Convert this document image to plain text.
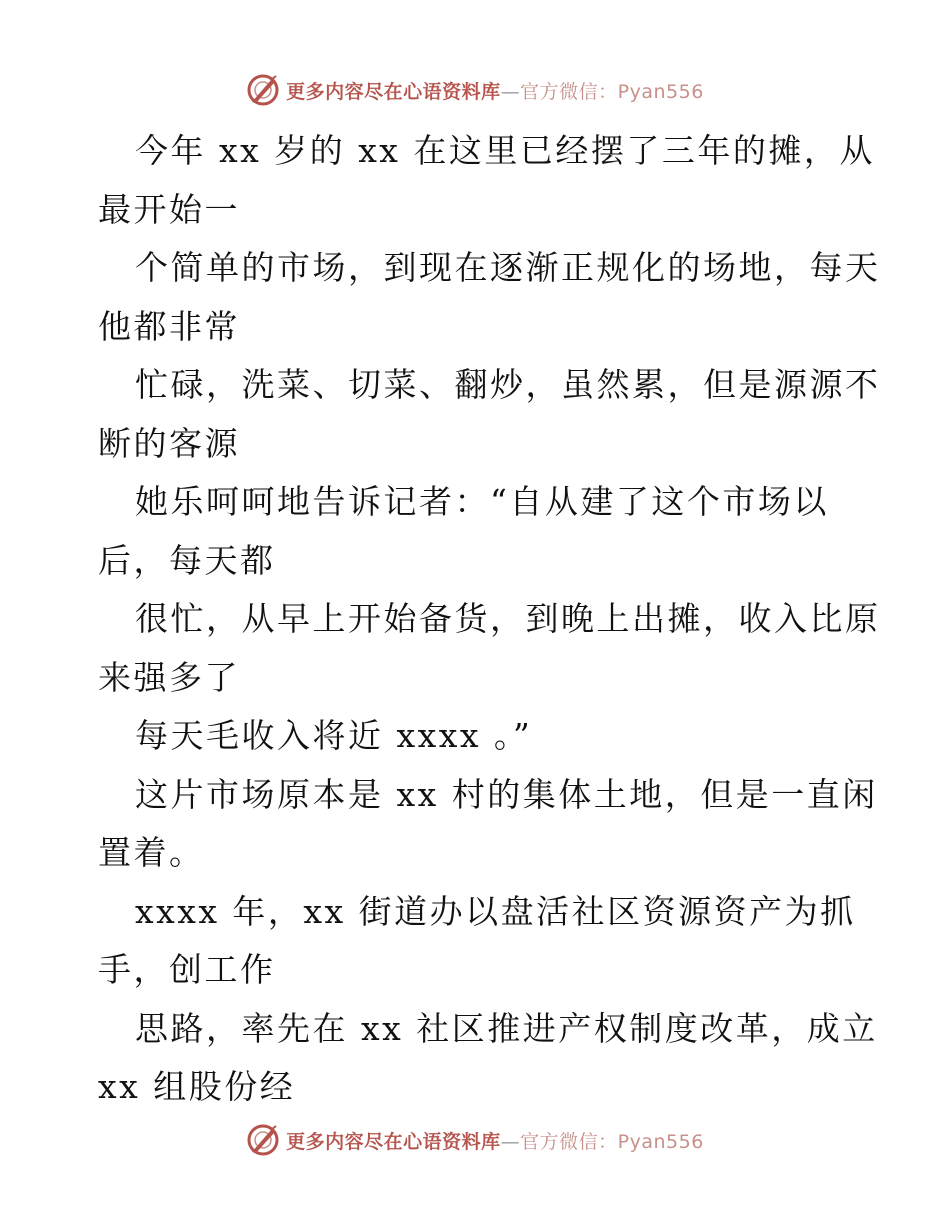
更多内容尽在心语资料库—官方微信：Pyan556
今年 xx 岁的 xx 在这里已经摆了三年的摊，从
最开始一
个简单的市场，到现在逐渐正规化的场地，每天
他都非常
忙碌，洗菜、切菜、翻炒，虽然累，但是源源不
断的客源
她乐呵呵地告诉记者：“自从建了这个市场以
后，每天都
很忙，从早上开始备货，到晚上出摊，收入比原
来强多了
每天毛收入将近 xxxx 。”
这片市场原本是 xx 村的集体土地，但是一直闲
置着。
xxxx 年，xx 街道办以盘活社区资源资产为抓
手，创工作
思路，率先在 xx 社区推进产权制度改革，成立
xx 组股份经
更多内容尽在心语资料库—官方微信：Pyan556
